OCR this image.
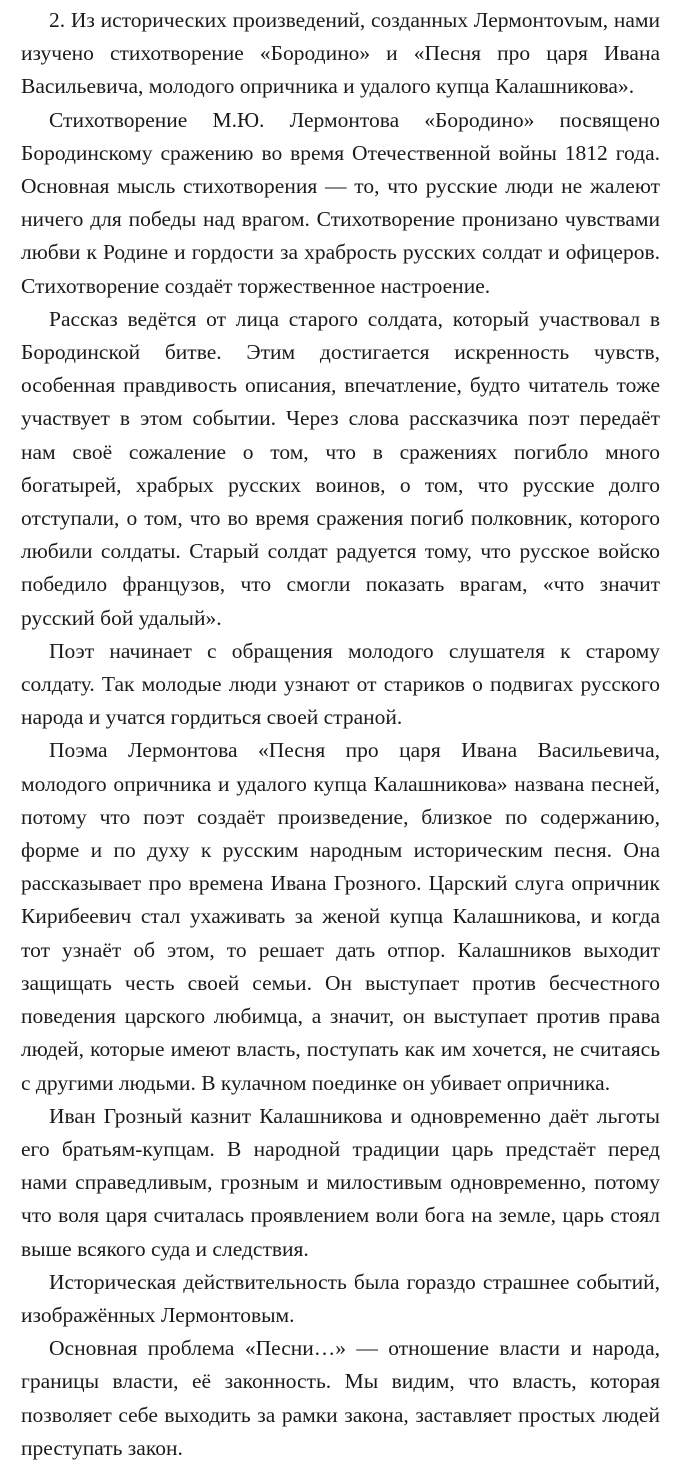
2. Из исторических произведений, созданных Лермонтоvым, нами изучено стихотворение «Бородино» и «Песня про царя Ивана Васильевича, молодого опричника и удалого купца Калашникова».

Стихотворение М.Ю. Лермонтова «Бородино» посвящено Бородинскому сражению во время Отечественной войны 1812 года. Основная мысль стихотворения — то, что русские люди не жалеют ничего для победы над врагом. Стихотворение пронизано чувствами любви к Родине и гордости за храбрость русских солдат и офицеров. Стихотворение создаёт торжественное настроение.

Рассказ ведётся от лица старого солдата, который участвовал в Бородинской битве. Этим достигается искренность чувств, особенная правдивость описания, впечатление, будто читатель тоже участвует в этом событии. Через слова рассказчика поэт передаёт нам своё сожаление о том, что в сражениях погибло много богатырей, храбрых русских воинов, о том, что русские долго отступали, о том, что во время сражения погиб полковник, которого любили солдаты. Старый солдат радуется тому, что русское войско победило французов, что смогли показать врагам, «что значит русский бой удалый».

Поэт начинает с обращения молодого слушателя к старому солдату. Так молодые люди узнают от стариков о подвигах русского народа и учатся гордиться своей страной.

Поэма Лермонтова «Песня про царя Ивана Васильевича, молодого опричника и удалого купца Калашникова» названа песней, потому что поэт создаёт произведение, близкое по содержанию, форме и по духу к русским народным историческим песня. Она рассказывает про времена Ивана Грозного. Царский слуга опричник Кирибеевич стал ухаживать за женой купца Калашникова, и когда тот узнаёт об этом, то решает дать отпор. Калашников выходит защищать честь своей семьи. Он выступает против бесчестного поведения царского любимца, а значит, он выступает против права людей, которые имеют власть, поступать как им хочется, не считаясь с другими людьми. В кулачном поединке он убивает опричника.

Иван Грозный казнит Калашникова и одновременно даёт льготы его братьям-купцам. В народной традиции царь предстаёт перед нами справедливым, грозным и милостивым одновременно, потому что воля царя считалась проявлением воли бога на земле, царь стоял выше всякого суда и следствия.

Историческая действительность была гораздо страшнее событий, изображённых Лермонтовым.

Основная проблема «Песни…» — отношение власти и народа, границы власти, её законность. Мы видим, что власть, которая позволяет себе выходить за рамки закона, заставляет простых людей преступать закон.
